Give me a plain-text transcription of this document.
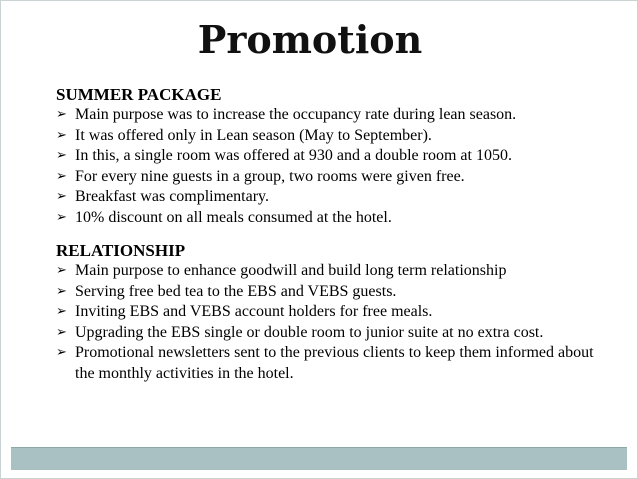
Promotion
SUMMER PACKAGE
➢ Main purpose was to increase the occupancy rate during lean season.
➢ It was offered only in Lean season (May to September).
➢ In this, a single room was offered at 930 and a double room at 1050.
➢ For every nine guests in a group, two rooms were given free.
➢ Breakfast was complimentary.
➢ 10% discount on all meals consumed at the hotel.
RELATIONSHIP
➢ Main purpose to enhance goodwill and build long term relationship
➢ Serving free bed tea to the EBS and VEBS guests.
➢ Inviting EBS and VEBS account holders for free meals.
➢ Upgrading the EBS single or double room to junior suite at no extra cost.
➢ Promotional newsletters sent to the previous clients to keep them informed about the monthly activities in the hotel.
